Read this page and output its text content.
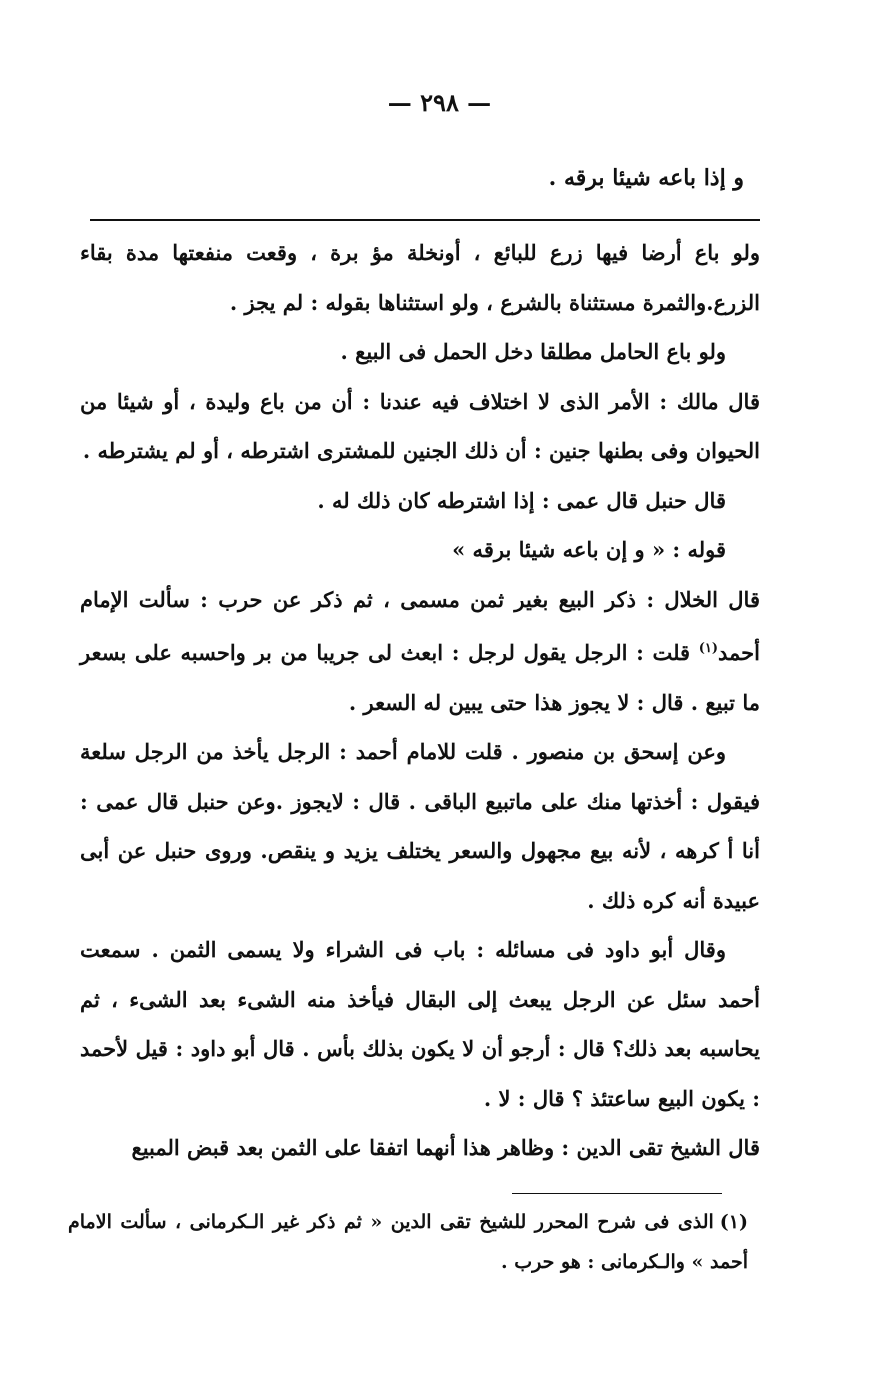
— ٢٩٨ —
و إذا باعه شيئا برقه .

ولو باع أرضا فيها زرع للبائع ، أونخلة مؤ برة ، وقعت منفعتها مدة بقاء الزرع.والثمرة مستثناة بالشرع ، ولو استثناها بقوله : لم يجز .

ولو باع الحامل مطلقا دخل الحمل فى البيع .

قال مالك : الأمر الذى لا اختلاف فيه عندنا : أن من باع وليدة ، أو شيئا من الحيوان وفى بطنها جنين : أن ذلك الجنين للمشترى اشترطه ، أو لم يشترطه .

قال حنبل قال عمى : إذا اشترطه كان ذلك له .

قوله : « و إن باعه شيئا برقه »

قال الخلال : ذكر البيع بغير ثمن مسمى ، ثم ذكر عن حرب : سألت الإمام أحمد$^{(١)}$ قلت : الرجل يقول لرجل : ابعث لى جريبا من بر واحسبه على بسعر ما تبيع . قال : لا يجوز هذا حتى يبين له السعر .

وعن إسحق بن منصور . قلت للامام أحمد : الرجل يأخذ من الرجل سلعة فيقول : أخذتها منك على ماتبيع الباقى . قال : لايجوز .وعن حنبل قال عمى : أنا أ كرهه ، لأنه بيع مجهول والسعر يختلف يزيد و ينقص. وروى حنبل عن أبى عبيدة أنه كره ذلك .

وقال أبو داود فى مسائله : باب فى الشراء ولا يسمى الثمن . سمعت أحمد سئل عن الرجل يبعث إلى البقال فيأخذ منه الشىء بعد الشىء ، ثم يحاسبه بعد ذلك؟ قال : أرجو أن لا يكون بذلك بأس . قال أبو داود : قيل لأحمد : يكون البيع ساعتئذ ؟ قال : لا .

قال الشيخ تقى الدين : وظاهر هذا أنهما اتفقا على الثمن بعد قبض المبيع

(١)الذى فى شرح المحرر للشيخ تقى الدين « ثم ذكر غير الـكرمانى ، سألت الامام أحمد » والـكرمانى : هو حرب .
